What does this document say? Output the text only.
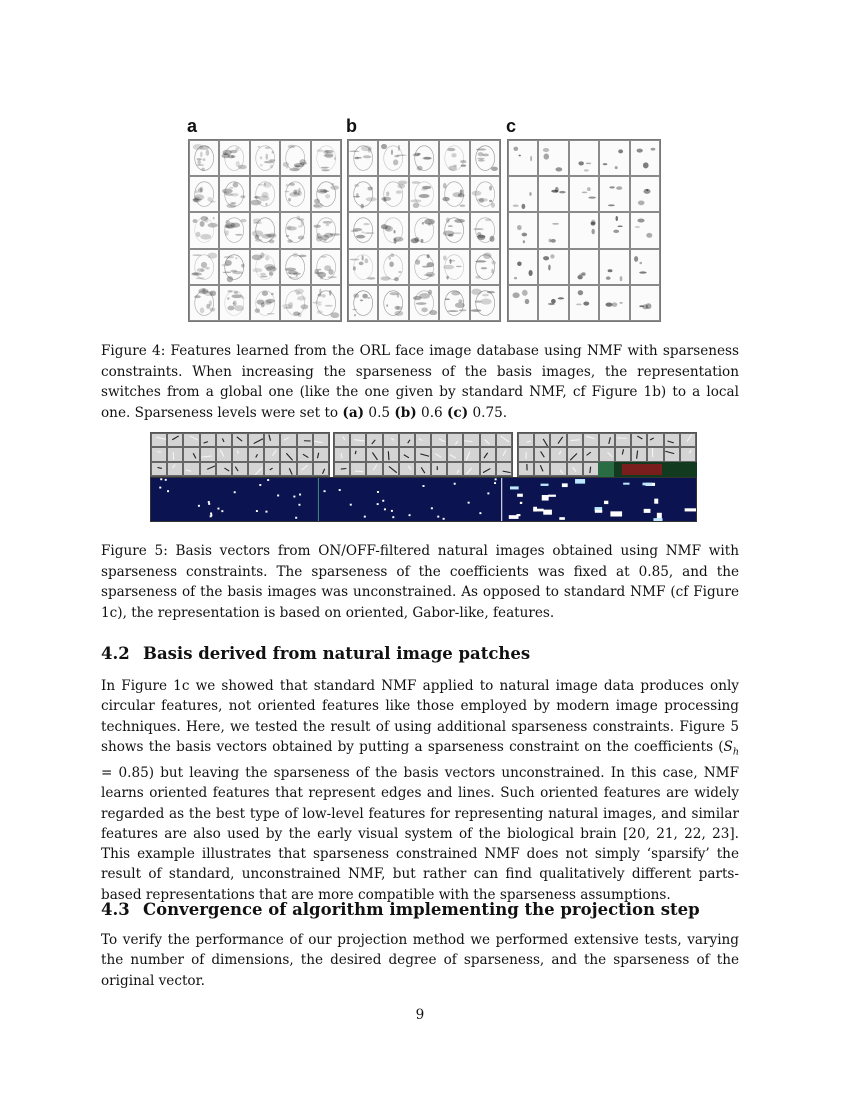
a	b	c
Figure 4: Features learned from the ORL face image database using NMF with sparseness constraints. When increasing the sparseness of the basis images, the representation switches from a global one (like the one given by standard NMF, cf Figure 1b) to a local one. Sparseness levels were set to (a) 0.5 (b) 0.6 (c) 0.75.
Figure 5: Basis vectors from ON/OFF-filtered natural images obtained using NMF with sparseness constraints. The sparseness of the coefficients was fixed at 0.85, and the sparseness of the basis images was unconstrained. As opposed to standard NMF (cf Figure 1c), the representation is based on oriented, Gabor-like, features.
4.2 Basis derived from natural image patches
In Figure 1c we showed that standard NMF applied to natural image data produces only circular features, not oriented features like those employed by modern image processing techniques. Here, we tested the result of using additional sparseness constraints. Figure 5 shows the basis vectors obtained by putting a sparseness constraint on the coefficients $(S_h = 0.85)$ but leaving the sparseness of the basis vectors unconstrained. In this case, NMF learns oriented features that represent edges and lines. Such oriented features are widely regarded as the best type of low-level features for representing natural images, and similar features are also used by the early visual system of the biological brain [20, 21, 22, 23]. This example illustrates that sparseness constrained NMF does not simply ‘sparsify’ the result of standard, unconstrained NMF, but rather can find qualitatively different parts-based representations that are more compatible with the sparseness assumptions.
4.3 Convergence of algorithm implementing the projection step
To verify the performance of our projection method we performed extensive tests, varying the number of dimensions, the desired degree of sparseness, and the sparseness of the original vector.
9
